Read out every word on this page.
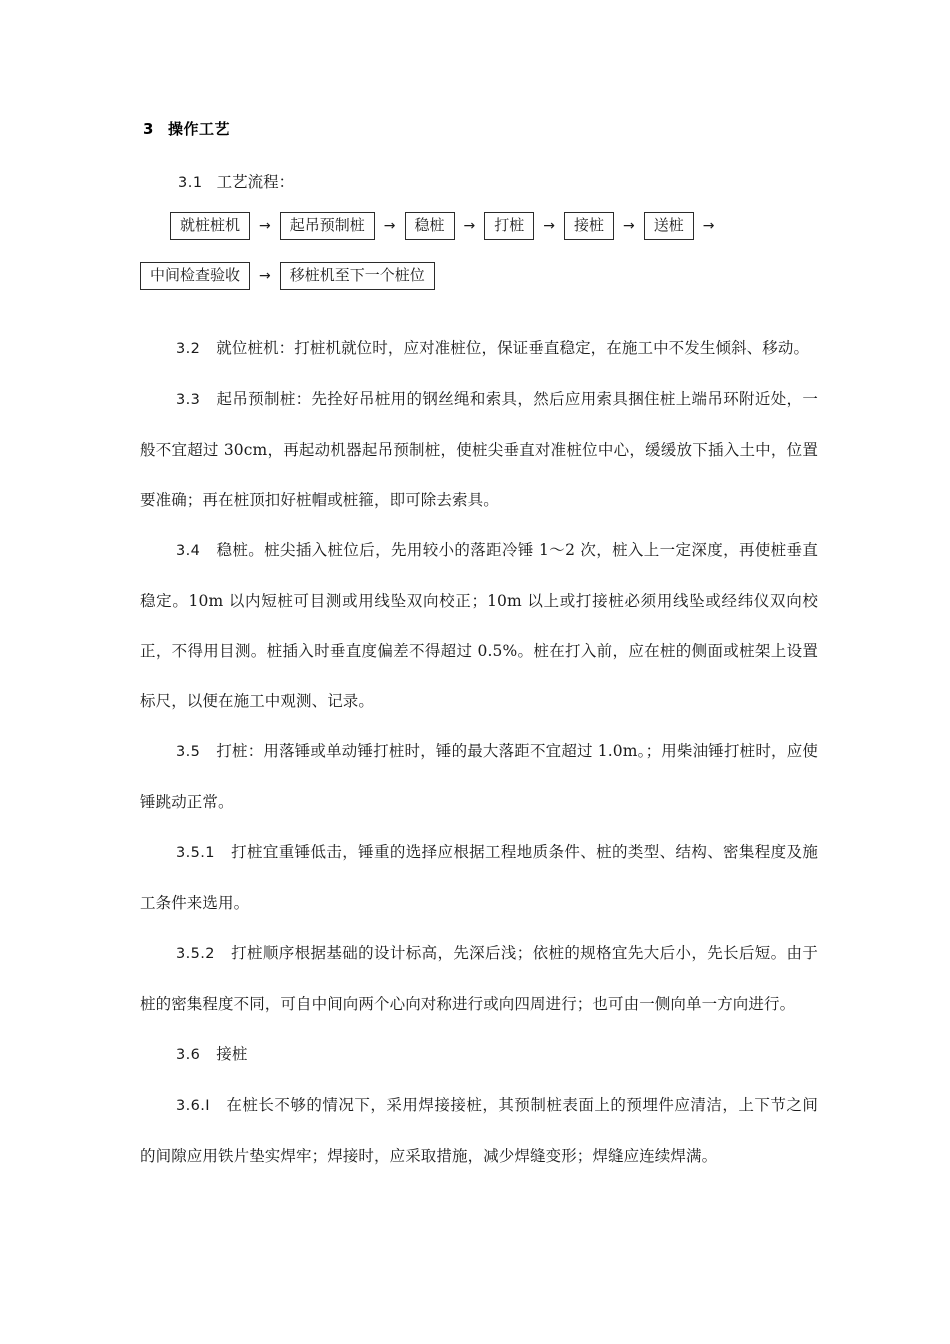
3 操作工艺
3.1 工艺流程：
就桩桩机	→	起吊预制桩	→	稳桩	→	打桩	→	接桩	→	送桩	→
中间检查验收	→	移桩机至下一个桩位

3.2 就位桩机：打桩机就位时，应对准桩位，保证垂直稳定，在施工中不发生倾斜、移动。

3.3 起吊预制桩：先拴好吊桩用的钢丝绳和索具，然后应用索具捆住桩上端吊环附近处，一般不宜超过 30cm，再起动机器起吊预制桩，使桩尖垂直对准桩位中心，缓缓放下插入土中，位置要准确；再在桩顶扣好桩帽或桩箍，即可除去索具。

3.4 稳桩。桩尖插入桩位后，先用较小的落距冷锤 1～2 次，桩入上一定深度，再使桩垂直稳定。10m 以内短桩可目测或用线坠双向校正；10m 以上或打接桩必须用线坠或经纬仪双向校正，不得用目测。桩插入时垂直度偏差不得超过 0.5%。桩在打入前，应在桩的侧面或桩架上设置标尺，以便在施工中观测、记录。

3.5 打桩：用落锤或单动锤打桩时，锤的最大落距不宜超过 1.0m。；用柴油锤打桩时，应使锤跳动正常。

3.5.1 打桩宜重锤低击，锤重的选择应根据工程地质条件、桩的类型、结构、密集程度及施工条件来选用。

3.5.2 打桩顺序根据基础的设计标高，先深后浅；依桩的规格宜先大后小，先长后短。由于桩的密集程度不同，可自中间向两个心向对称进行或向四周进行；也可由一侧向单一方向进行。

3.6 接桩

3.6.I 在桩长不够的情况下，采用焊接接桩，其预制桩表面上的预埋件应清洁，上下节之间的间隙应用铁片垫实焊牢；焊接时，应采取措施，减少焊缝变形；焊缝应连续焊满。
